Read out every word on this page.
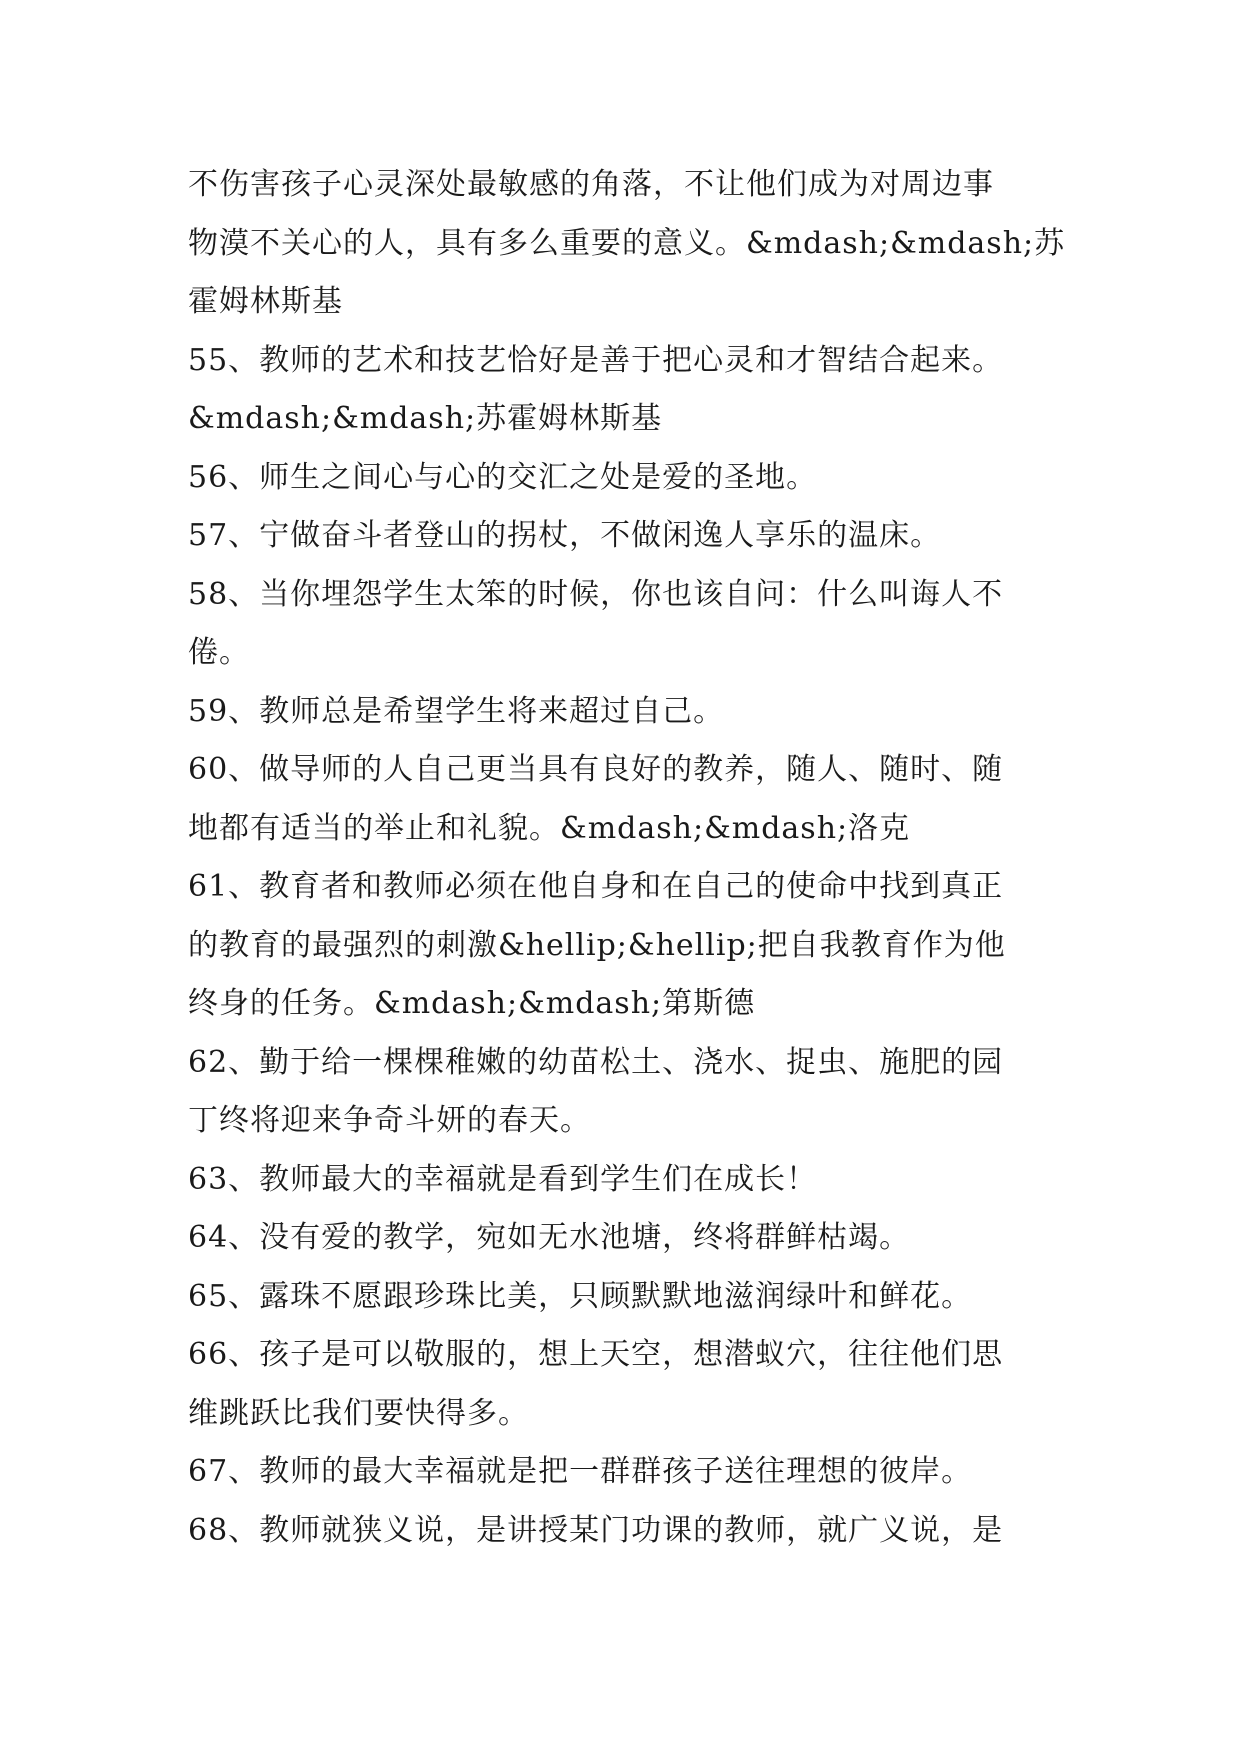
不伤害孩子心灵深处最敏感的角落，不让他们成为对周边事
物漠不关心的人，具有多么重要的意义。&mdash;&mdash;苏
霍姆林斯基
55、教师的艺术和技艺恰好是善于把心灵和才智结合起来。
&mdash;&mdash;苏霍姆林斯基
56、师生之间心与心的交汇之处是爱的圣地。
57、宁做奋斗者登山的拐杖，不做闲逸人享乐的温床。
58、当你埋怨学生太笨的时候，你也该自问：什么叫诲人不
倦。
59、教师总是希望学生将来超过自己。
60、做导师的人自己更当具有良好的教养，随人、随时、随
地都有适当的举止和礼貌。&mdash;&mdash;洛克
61、教育者和教师必须在他自身和在自己的使命中找到真正
的教育的最强烈的刺激&hellip;&hellip;把自我教育作为他
终身的任务。&mdash;&mdash;第斯德
62、勤于给一棵棵稚嫩的幼苗松土、浇水、捉虫、施肥的园
丁终将迎来争奇斗妍的春天。
63、教师最大的幸福就是看到学生们在成长！
64、没有爱的教学，宛如无水池塘，终将群鲜枯竭。
65、露珠不愿跟珍珠比美，只顾默默地滋润绿叶和鲜花。
66、孩子是可以敬服的，想上天空，想潜蚁穴，往往他们思
维跳跃比我们要快得多。
67、教师的最大幸福就是把一群群孩子送往理想的彼岸。
68、教师就狭义说，是讲授某门功课的教师，就广义说，是
